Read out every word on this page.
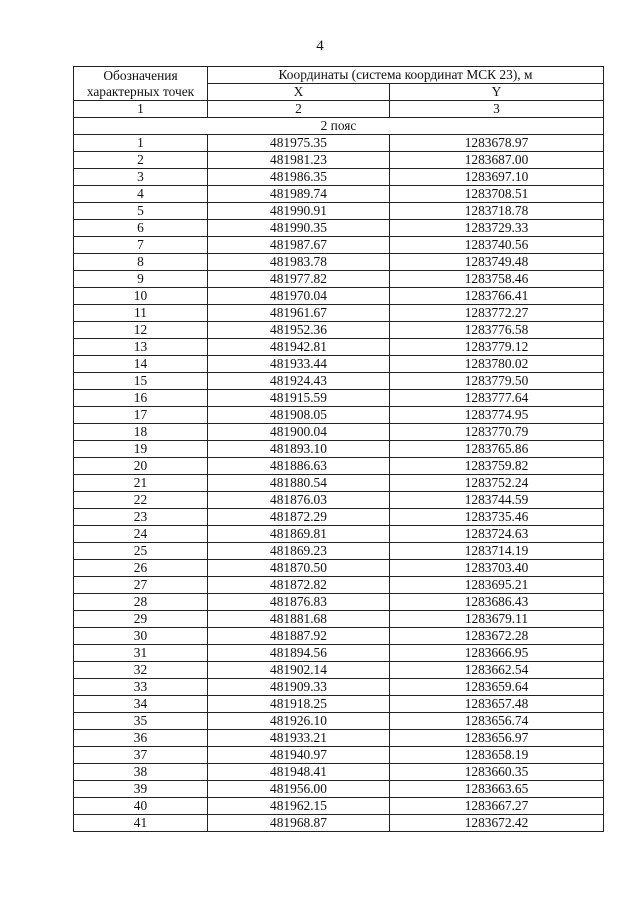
4
Обозначения
характерных точек	Координаты (система координат МСК 23), м	
	X	Y
1	2	3
2 пояс		
1	481975.35	1283678.97
2	481981.23	1283687.00
3	481986.35	1283697.10
4	481989.74	1283708.51
5	481990.91	1283718.78
6	481990.35	1283729.33
7	481987.67	1283740.56
8	481983.78	1283749.48
9	481977.82	1283758.46
10	481970.04	1283766.41
11	481961.67	1283772.27
12	481952.36	1283776.58
13	481942.81	1283779.12
14	481933.44	1283780.02
15	481924.43	1283779.50
16	481915.59	1283777.64
17	481908.05	1283774.95
18	481900.04	1283770.79
19	481893.10	1283765.86
20	481886.63	1283759.82
21	481880.54	1283752.24
22	481876.03	1283744.59
23	481872.29	1283735.46
24	481869.81	1283724.63
25	481869.23	1283714.19
26	481870.50	1283703.40
27	481872.82	1283695.21
28	481876.83	1283686.43
29	481881.68	1283679.11
30	481887.92	1283672.28
31	481894.56	1283666.95
32	481902.14	1283662.54
33	481909.33	1283659.64
34	481918.25	1283657.48
35	481926.10	1283656.74
36	481933.21	1283656.97
37	481940.97	1283658.19
38	481948.41	1283660.35
39	481956.00	1283663.65
40	481962.15	1283667.27
41	481968.87	1283672.42
